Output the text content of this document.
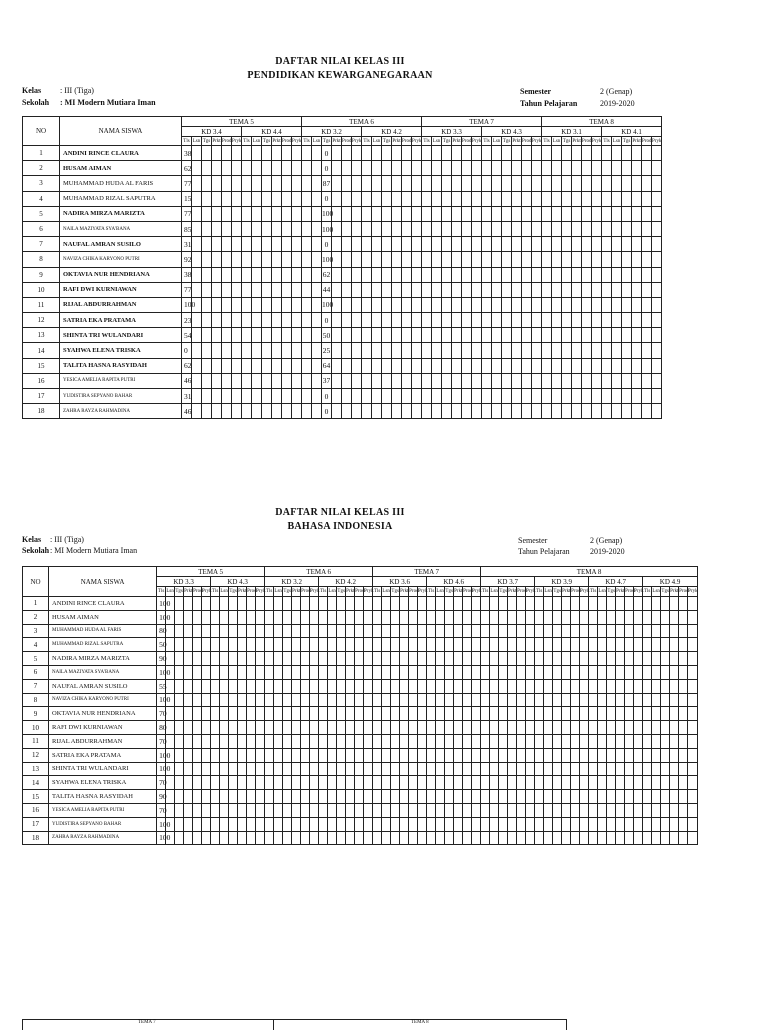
DAFTAR NILAI KELAS III
PENDIDIKAN KEWARGANEGARAAN
Kelas : III (Tiga)
Sekolah : MI Modern Mutiara Iman
Semester	2 (Genap)
Tahun Pelajaran	2019-2020
NO	NAMA SISWA	TEMA 5												TEMA 6												TEMA 7												TEMA 8											
		KD 3.4						KD 4.4						KD 3.2						KD 4.2						KD 3.3						KD 4.3						KD 3.1						KD 4.1					
		Tls	Lsn	Tgs	Prkt	Prod	Pryk	Tls	Lsn	Tgs	Prkt	Prod	Pryk	Tls	Lsn	Tgs	Prkt	Prod	Pryk	Tls	Lsn	Tgs	Prkt	Prod	Pryk	Tls	Lsn	Tgs	Prkt	Prod	Pryk	Tls	Lsn	Tgs	Prkt	Prod	Pryk	Tls	Lsn	Tgs	Prkt	Prod	Pryk	Tls	Lsn	Tgs	Prkt	Prod	Pryk
1	ANDINI RINCE CLAURA	38														0																																	
2	HUSAM AIMAN	62														0																																	
3	MUHAMMAD HUDA AL FARIS	77														87																																	
4	MUHAMMAD RIZAL SAPUTRA	15														0																																	
5	NADIRA MIRZA MARIZTA	77														100																																	
6	NAILA MAZIYATA SYA'BANA	85														100																																	
7	NAUFAL AMRAN SUSILO	31														0																																	
8	NAVIZA CHIKA KARYONO PUTRI	92														100																																	
9	OKTAVIA NUR HENDRIANA	38														62																																	
10	RAFI DWI KURNIAWAN	77														44																																	
11	RIJAL ABDURRAHMAN	100														100																																	
12	SATRIA EKA PRATAMA	23														0																																	
13	SHINTA TRI WULANDARI	54														50																																	
14	SYAHWA ELENA TRISKA	0														25																																	
15	TALITA HASNA RASYIDAH	62														64																																	
16	YESICA AMELIA RAPITA PUTRI	46														37																																	
17	YUDISTIRA SEPYANO BAHAR	31														0																																	
18	ZAHRA RAYZA RAHMADINA	46														0																																	
DAFTAR NILAI KELAS III
BAHASA INDONESIA
Kelas : III (Tiga)
Sekolah : MI Modern Mutiara Iman
Semester	2 (Genap)
Tahun Pelajaran	2019-2020
NO	NAMA SISWA	TEMA 5												TEMA 6												TEMA 7												TEMA 8																							
		KD 3.3						KD 4.3						KD 3.2						KD 4.2						KD 3.6						KD 4.6						KD 3.7						KD 3.9						KD 4.7						KD 4.9					
		Tls	Lsn	Tgs	Prkt	Prod	Pryk	Tls	Lsn	Tgs	Prkt	Prod	Pryk	Tls	Lsn	Tgs	Prkt	Prod	Pryk	Tls	Lsn	Tgs	Prkt	Prod	Pryk	Tls	Lsn	Tgs	Prkt	Prod	Pryk	Tls	Lsn	Tgs	Prkt	Prod	Pryk	Tls	Lsn	Tgs	Prkt	Prod	Pryk	Tls	Lsn	Tgs	Prkt	Prod	Pryk	Tls	Lsn	Tgs	Prkt	Prod	Pryk	Tls	Lsn	Tgs	Prkt	Prod	Pryk
1	ANDINI RINCE CLAURA	100																																																											
2	HUSAM AIMAN	100																																																											
3	MUHAMMAD HUDA AL FARIS	80																																																											
4	MUHAMMAD RIZAL SAPUTRA	50																																																											
5	NADIRA MIRZA MARIZTA	90																																																											
6	NAILA MAZIYATA SYA'BANA	100																																																											
7	NAUFAL AMRAN SUSILO	55																																																											
8	NAVIZA CHIKA KARYONO PUTRI	100																																																											
9	OKTAVIA NUR HENDRIANA	70																																																											
10	RAFI DWI KURNIAWAN	80																																																											
11	RIJAL ABDURRAHMAN	70																																																											
12	SATRIA EKA PRATAMA	100																																																											
13	SHINTA TRI WULANDARI	100																																																											
14	SYAHWA ELENA TRISKA	70																																																											
15	TALITA HASNA RASYIDAH	90																																																											
16	YESICA AMELIA RAPITA PUTRI	70																																																											
17	YUDISTIRA SEPYANO BAHAR	100																																																											
18	ZAHRA RAYZA RAHMADINA	100																																																											
TEMA 7	TEMA 8
